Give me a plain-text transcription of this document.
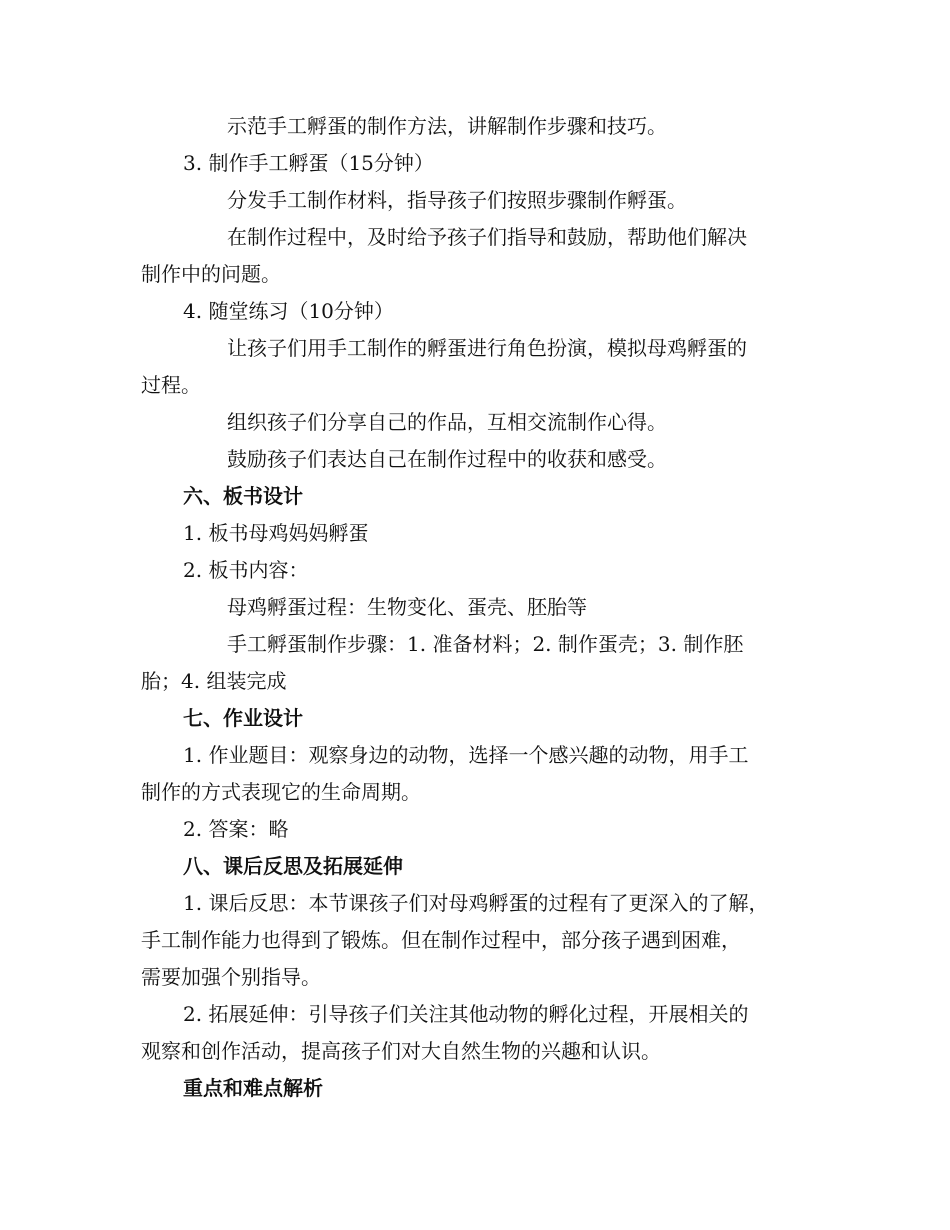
示范手工孵蛋的制作方法，讲解制作步骤和技巧。
3. 制作手工孵蛋（15分钟）
分发手工制作材料，指导孩子们按照步骤制作孵蛋。
在制作过程中，及时给予孩子们指导和鼓励，帮助他们解决
制作中的问题。
4. 随堂练习（10分钟）
让孩子们用手工制作的孵蛋进行角色扮演，模拟母鸡孵蛋的
过程。
组织孩子们分享自己的作品，互相交流制作心得。
鼓励孩子们表达自己在制作过程中的收获和感受。
六、板书设计
1. 板书母鸡妈妈孵蛋
2. 板书内容：
母鸡孵蛋过程：生物变化、蛋壳、胚胎等
手工孵蛋制作步骤：1. 准备材料；2. 制作蛋壳；3. 制作胚
胎；4. 组装完成
七、作业设计
1. 作业题目：观察身边的动物，选择一个感兴趣的动物，用手工
制作的方式表现它的生命周期。
2. 答案：略
八、课后反思及拓展延伸
1. 课后反思：本节课孩子们对母鸡孵蛋的过程有了更深入的了解，
手工制作能力也得到了锻炼。但在制作过程中，部分孩子遇到困难，
需要加强个别指导。
2. 拓展延伸：引导孩子们关注其他动物的孵化过程，开展相关的
观察和创作活动，提高孩子们对大自然生物的兴趣和认识。
重点和难点解析
